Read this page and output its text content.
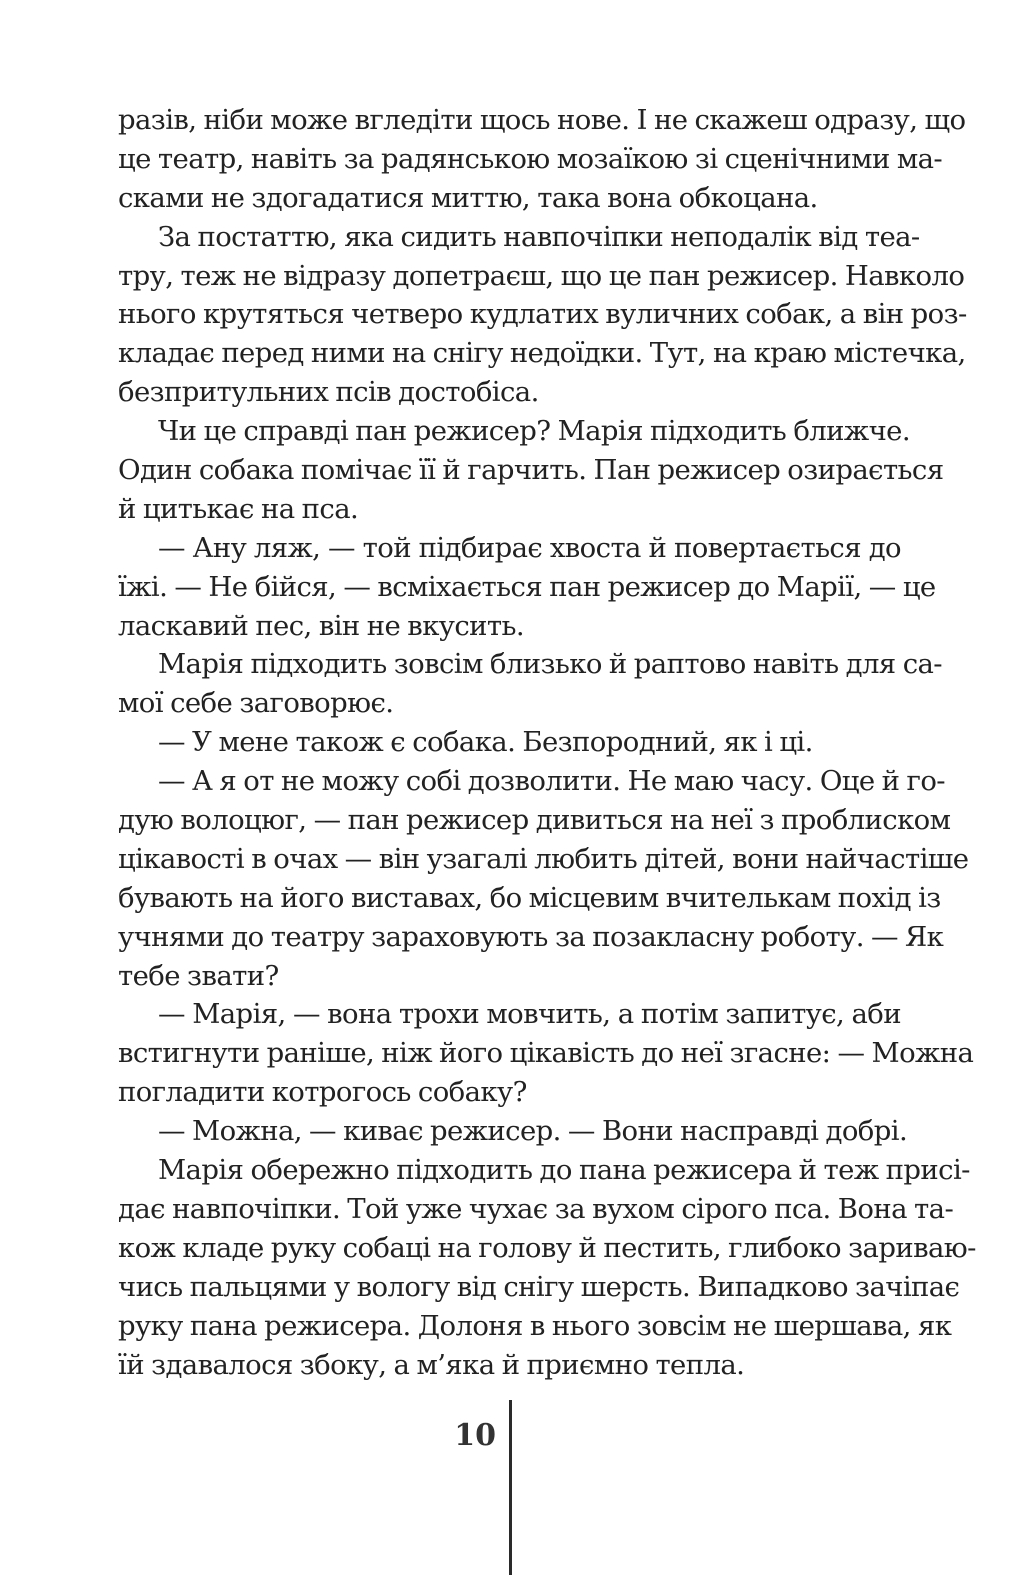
разів, ніби може вгледіти щось нове. І не скажеш одразу, що
це театр, навіть за радянською мозаїкою зі сценічними ма-
сками не здогадатися миттю, така вона обкоцана.
За постаттю, яка сидить навпочіпки неподалік від теа-
тру, теж не відразу допетраєш, що це пан режисер. Навколо
нього крутяться четверо кудлатих вуличних собак, а він роз-
кладає перед ними на снігу недоїдки. Тут, на краю містечка,
безпритульних псів достобіса.
Чи це справді пан режисер? Марія підходить ближче.
Один собака помічає її й гарчить. Пан режисер озирається
й цитькає на пса.
— Ану ляж, — той підбирає хвоста й повертається до
їжі. — Не бійся, — всміхається пан режисер до Марії, — це
ласкавий пес, він не вкусить.
Марія підходить зовсім близько й раптово навіть для са-
мої себе заговорює.
— У мене також є собака. Безпородний, як і ці.
— А я от не можу собі дозволити. Не маю часу. Оце й го-
дую волоцюг, — пан режисер дивиться на неї з проблиском
цікавості в очах — він узагалі любить дітей, вони найчастіше
бувають на його виставах, бо місцевим вчителькам похід із
учнями до театру зараховують за позакласну роботу. — Як
тебе звати?
— Марія, — вона трохи мовчить, а потім запитує, аби
встигнути раніше, ніж його цікавість до неї згасне: — Можна
погладити котрогось собаку?
— Можна, — киває режисер. — Вони насправді добрі.
Марія обережно підходить до пана режисера й теж присі-
дає навпочіпки. Той уже чухає за вухом сірого пса. Вона та-
кож кладе руку собаці на голову й пестить, глибоко зариваю-
чись пальцями у вологу від снігу шерсть. Випадково зачіпає
руку пана режисера. Долоня в нього зовсім не шершава, як
їй здавалося збоку, а м’яка й приємно тепла.
10
